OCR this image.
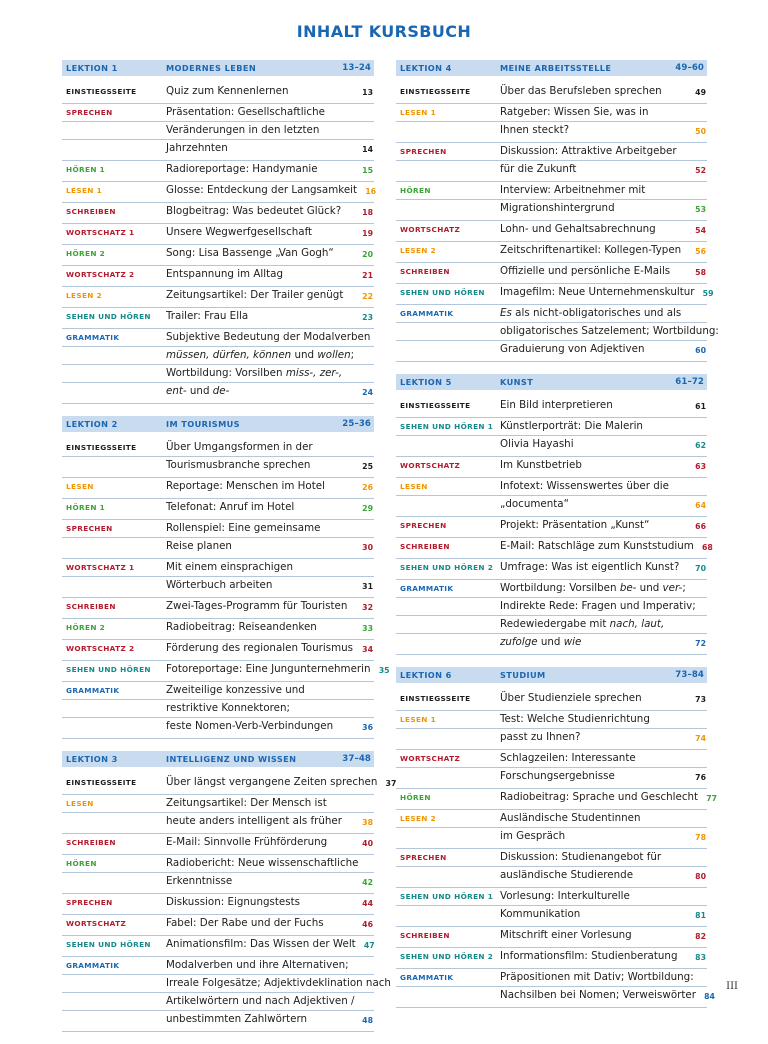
INHALT KURSBUCH
LEKTION 1	MODERNES LEBEN	13–24
EINSTIEGSSEITE	Quiz zum Kennenlernen	13
SPRECHEN	Präsentation: Gesellschaftliche
Veränderungen in den letzten
Jahrzehnten	14
HÖREN 1	Radioreportage: Handymanie	15
LESEN 1	Glosse: Entdeckung der Langsamkeit	16
SCHREIBEN	Blogbeitrag: Was bedeutet Glück?	18
WORTSCHATZ 1	Unsere Wegwerfgesellschaft	19
HÖREN 2	Song: Lisa Bassenge „Van Gogh“	20
WORTSCHATZ 2	Entspannung im Alltag	21
LESEN 2	Zeitungsartikel: Der Trailer genügt	22
SEHEN UND HÖREN	Trailer: Frau Ella	23
GRAMMATIK	Subjektive Bedeutung der Modalverben
müssen, dürfen, können und wollen;
Wortbildung: Vorsilben miss-, zer-,
ent- und de-	24
LEKTION 2	IM TOURISMUS	25–36
EINSTIEGSSEITE	Über Umgangsformen in der
Tourismusbranche sprechen	25
LESEN	Reportage: Menschen im Hotel	26
HÖREN 1	Telefonat: Anruf im Hotel	29
SPRECHEN	Rollenspiel: Eine gemeinsame
Reise planen	30
WORTSCHATZ 1	Mit einem einsprachigen
Wörterbuch arbeiten	31
SCHREIBEN	Zwei-Tages-Programm für Touristen	32
HÖREN 2	Radiobeitrag: Reiseandenken	33
WORTSCHATZ 2	Förderung des regionalen Tourismus	34
SEHEN UND HÖREN	Fotoreportage: Eine Jungunternehmerin	35
GRAMMATIK	Zweiteilige konzessive und
restriktive Konnektoren;
feste Nomen-Verb-Verbindungen	36
LEKTION 3	INTELLIGENZ UND WISSEN	37–48
EINSTIEGSSEITE	Über längst vergangene Zeiten sprechen	37
LESEN	Zeitungsartikel: Der Mensch ist
heute anders intelligent als früher	38
SCHREIBEN	E-Mail: Sinnvolle Frühförderung	40
HÖREN	Radiobericht: Neue wissenschaftliche
Erkenntnisse	42
SPRECHEN	Diskussion: Eignungstests	44
WORTSCHATZ	Fabel: Der Rabe und der Fuchs	46
SEHEN UND HÖREN	Animationsfilm: Das Wissen der Welt	47
GRAMMATIK	Modalverben und ihre Alternativen;
Irreale Folgesätze; Adjektivdeklination nach
Artikelwörtern und nach Adjektiven /
unbestimmten Zahlwörtern	48
LEKTION 4	MEINE ARBEITSSTELLE	49–60
EINSTIEGSSEITE	Über das Berufsleben sprechen	49
LESEN 1	Ratgeber: Wissen Sie, was in
Ihnen steckt?	50
SPRECHEN	Diskussion: Attraktive Arbeitgeber
für die Zukunft	52
HÖREN	Interview: Arbeitnehmer mit
Migrationshintergrund	53
WORTSCHATZ	Lohn- und Gehaltsabrechnung	54
LESEN 2	Zeitschriftenartikel: Kollegen-Typen	56
SCHREIBEN	Offizielle und persönliche E-Mails	58
SEHEN UND HÖREN	Imagefilm: Neue Unternehmenskultur	59
GRAMMATIK	Es als nicht-obligatorisches und als
obligatorisches Satzelement; Wortbildung:
Graduierung von Adjektiven	60
LEKTION 5	KUNST	61–72
EINSTIEGSSEITE	Ein Bild interpretieren	61
SEHEN UND HÖREN 1 Künstlerporträt: Die Malerin
Olivia Hayashi	62
WORTSCHATZ	Im Kunstbetrieb	63
LESEN	Infotext: Wissenswertes über die
„documenta“	64
SPRECHEN	Projekt: Präsentation „Kunst“	66
SCHREIBEN	E-Mail: Ratschläge zum Kunststudium	68
SEHEN UND HÖREN 2 Umfrage: Was ist eigentlich Kunst?	70
GRAMMATIK	Wortbildung: Vorsilben be- und ver-;
Indirekte Rede: Fragen und Imperativ;
Redewiedergabe mit nach, laut,
zufolge und wie	72
LEKTION 6	STUDIUM	73–84
EINSTIEGSSEITE	Über Studienziele sprechen	73
LESEN 1	Test: Welche Studienrichtung
passt zu Ihnen?	74
WORTSCHATZ	Schlagzeilen: Interessante
Forschungsergebnisse	76
HÖREN	Radiobeitrag: Sprache und Geschlecht	77
LESEN 2	Ausländische Studentinnen
im Gespräch	78
SPRECHEN	Diskussion: Studienangebot für
ausländische Studierende	80
SEHEN UND HÖREN 1 Vorlesung: Interkulturelle
Kommunikation	81
SCHREIBEN	Mitschrift einer Vorlesung	82
SEHEN UND HÖREN 2 Informationsfilm: Studienberatung	83
GRAMMATIK	Präpositionen mit Dativ; Wortbildung:
Nachsilben bei Nomen; Verweiswörter	84
III
